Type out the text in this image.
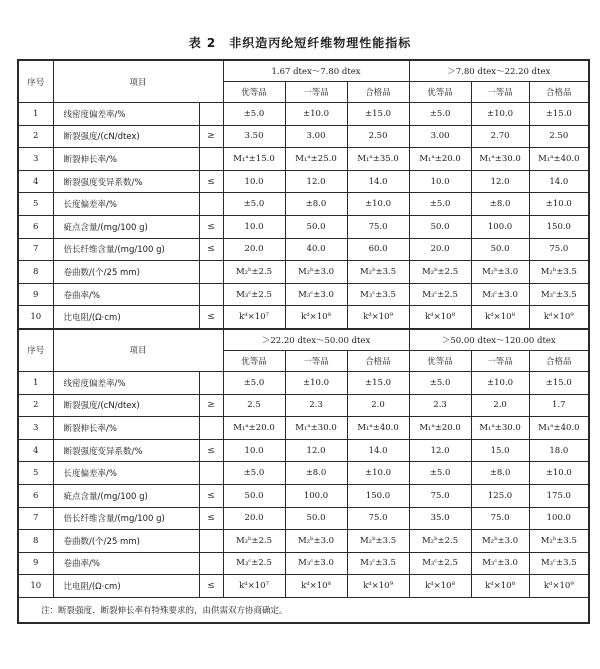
表 2　非织造丙纶短纤维物理性能指标
序号	项目		1.67 dtex～7.80 dtex			＞7.80 dtex～22.20 dtex		
			优等品	一等品	合格品	优等品	一等品	合格品
1	线密度偏差率/%		±5.0	±10.0	±15.0	±5.0	±10.0	±15.0
2	断裂强度/(cN/dtex)	≥	3.50	3.00	2.50	3.00	2.70	2.50
3	断裂伸长率/%		M₁ᵃ±15.0	M₁ᵃ±25.0	M₁ᵃ±35.0	M₁ᵃ±20.0	M₁ᵃ±30.0	M₁ᵃ±40.0
4	断裂强度变异系数/%	≤	10.0	12.0	14.0	10.0	12.0	14.0
5	长度偏差率/%		±5.0	±8.0	±10.0	±5.0	±8.0	±10.0
6	疵点含量/(mg/100 g)	≤	10.0	50.0	75.0	50.0	100.0	150.0
7	倍长纤维含量/(mg/100 g)	≤	20.0	40.0	60.0	20.0	50.0	75.0
8	卷曲数/(个/25 mm)		M₂ᵇ±2.5	M₂ᵇ±3.0	M₂ᵇ±3.5	M₂ᵇ±2.5	M₂ᵇ±3.0	M₂ᵇ±3.5
9	卷曲率/%		M₃ᶜ±2.5	M₃ᶜ±3.0	M₃ᶜ±3.5	M₃ᶜ±2.5	M₃ᶜ±3.0	M₃ᶜ±3.5
10	比电阻/(Ω·cm)	≤	kᵈ×10⁷	kᵈ×10⁸	kᵈ×10⁹	kᵈ×10⁸	kᵈ×10⁸	kᵈ×10⁹
序号	项目		＞22.20 dtex～50.00 dtex			＞50.00 dtex～120.00 dtex		
			优等品	一等品	合格品	优等品	一等品	合格品
1	线密度偏差率/%		±5.0	±10.0	±15.0	±5.0	±10.0	±15.0
2	断裂强度/(cN/dtex)	≥	2.5	2.3	2.0	2.3	2.0	1.7
3	断裂伸长率/%		M₁ᵃ±20.0	M₁ᵃ±30.0	M₁ᵃ±40.0	M₁ᵃ±20.0	M₁ᵃ±30.0	M₁ᵃ±40.0
4	断裂强度变异系数/%	≤	10.0	12.0	14.0	12.0	15.0	18.0
5	长度偏差率/%		±5.0	±8.0	±10.0	±5.0	±8.0	±10.0
6	疵点含量/(mg/100 g)	≤	50.0	100.0	150.0	75.0	125.0	175.0
7	倍长纤维含量/(mg/100 g)	≤	20.0	50.0	75.0	35.0	75.0	100.0
8	卷曲数/(个/25 mm)		M₂ᵇ±2.5	M₂ᵇ±3.0	M₂ᵇ±3.5	M₂ᵇ±2.5	M₂ᵇ±3.0	M₂ᵇ±3.5
9	卷曲率/%		M₃ᶜ±2.5	M₃ᶜ±3.0	M₃ᶜ±3.5	M₃ᶜ±2.5	M₃ᶜ±3.0	M₃ᶜ±3.5
10	比电阻/(Ω·cm)	≤	kᵈ×10⁷	kᵈ×10⁸	kᵈ×10⁹	kᵈ×10⁸	kᵈ×10⁸	kᵈ×10⁹
注：断裂强度、断裂伸长率有特殊要求的，由供需双方协商确定。								
